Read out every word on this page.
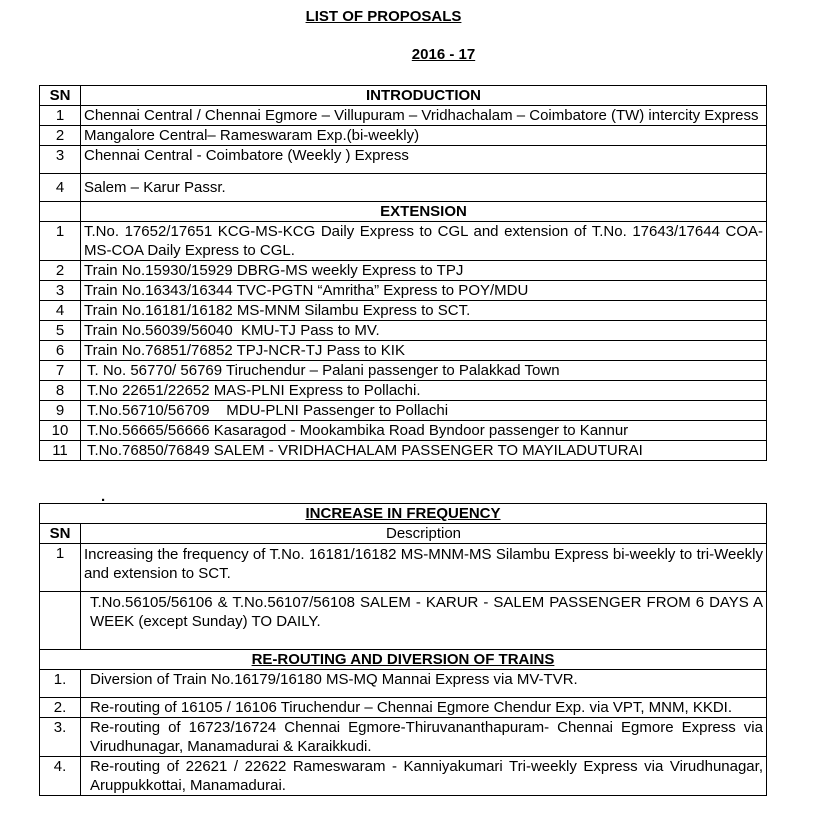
LIST OF PROPOSALS
2016 - 17
SN	INTRODUCTION
1	Chennai Central / Chennai Egmore – Villupuram – Vridhachalam – Coimbatore (TW) intercity Express
2	Mangalore Central– Rameswaram Exp.(bi-weekly)
3	Chennai Central - Coimbatore (Weekly ) Express
4	Salem – Karur Passr.
	EXTENSION
1	T.No. 17652/17651 KCG-MS-KCG Daily Express to CGL and extension of T.No. 17643/17644 COA-MS-COA Daily Express to CGL.
2	Train No.15930/15929 DBRG-MS weekly Express to TPJ
3	Train No.16343/16344 TVC-PGTN “Amritha” Express to POY/MDU
4	Train No.16181/16182 MS-MNM Silambu Express to SCT.
5	Train No.56039/56040  KMU-TJ Pass to MV.
6	Train No.76851/76852 TPJ-NCR-TJ Pass to KIK
7	T. No. 56770/ 56769 Tiruchendur – Palani passenger to Palakkad Town
8	T.No 22651/22652 MAS-PLNI Express to Pollachi.
9	T.No.56710/56709    MDU-PLNI Passenger to Pollachi
10	T.No.56665/56666 Kasaragod - Mookambika Road Byndoor passenger to Kannur
11	T.No.76850/76849 SALEM - VRIDHACHALAM PASSENGER TO MAYILADUTURAI
.
INCREASE IN FREQUENCY	
SN	Description
1	Increasing the frequency of T.No. 16181/16182 MS-MNM-MS Silambu Express bi-weekly to tri-Weekly and extension to SCT.
	T.No.56105/56106 & T.No.56107/56108 SALEM - KARUR - SALEM PASSENGER FROM 6 DAYS A WEEK (except Sunday) TO DAILY.
RE-ROUTING AND DIVERSION OF TRAINS	
1.	Diversion of Train No.16179/16180 MS-MQ Mannai Express via MV-TVR.
2.	Re-routing of 16105 / 16106 Tiruchendur – Chennai Egmore Chendur Exp. via VPT, MNM, KKDI.
3.	Re-routing of 16723/16724 Chennai Egmore-Thiruvananthapuram- Chennai Egmore Express via Virudhunagar, Manamadurai & Karaikkudi.
4.	Re-routing of 22621 / 22622 Rameswaram - Kanniyakumari Tri-weekly Express via Virudhunagar, Aruppukkottai, Manamadurai.
